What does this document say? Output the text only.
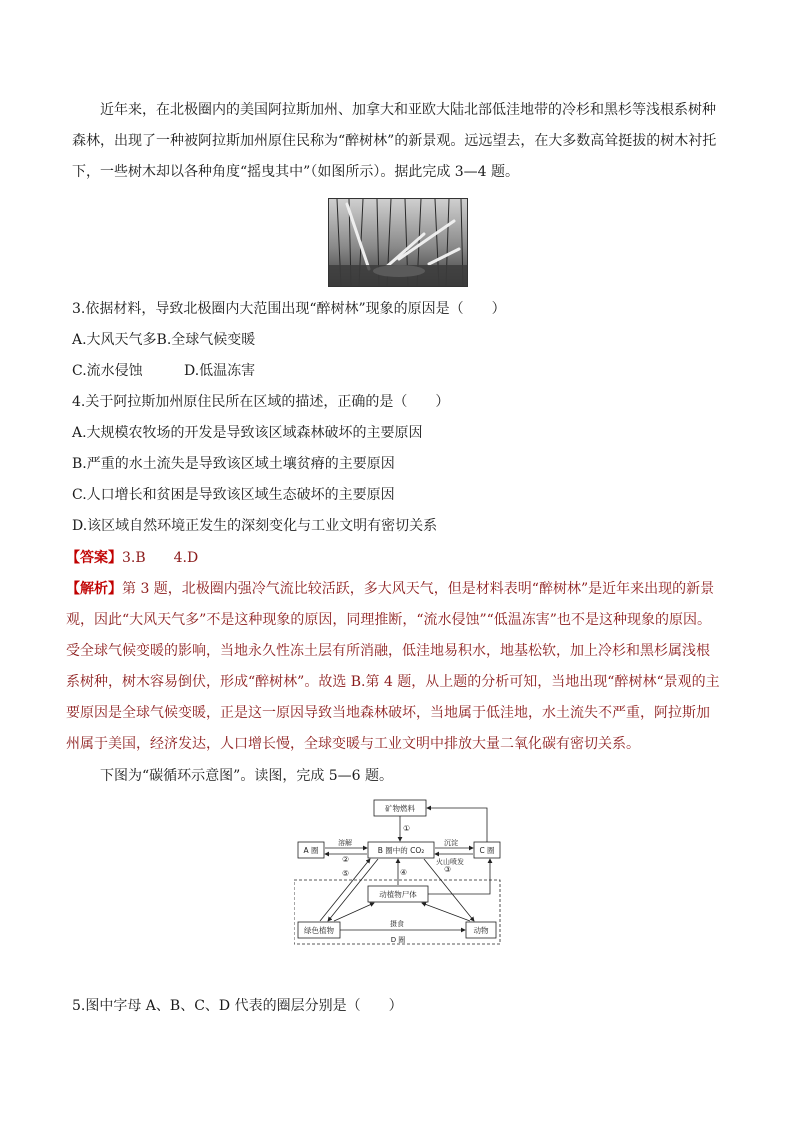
近年来，在北极圈内的美国阿拉斯加州、加拿大和亚欧大陆北部低洼地带的冷杉和黑杉等浅根系树种森林，出现了一种被阿拉斯加州原住民称为“醉树林”的新景观。远远望去，在大多数高耸挺拔的树木衬托下，一些树木却以各种角度“摇曳其中”（如图所示）。据此完成 3—4 题。

3.依据材料，导致北极圈内大范围出现“醉树林”现象的原因是（　　）
A.大风天气多B.全球气候变暖
C.流水侵蚀	D.低温冻害
4.关于阿拉斯加州原住民所在区域的描述，正确的是（　　）
A.大规模农牧场的开发是导致该区域森林破坏的主要原因
B.严重的水土流失是导致该区域土壤贫瘠的主要原因
C.人口增长和贫困是导致该区域生态破坏的主要原因
D.该区域自然环境正发生的深刻变化与工业文明有密切关系
【答案】3.B　　4.D

【解析】第 3 题，北极圈内强冷气流比较活跃，多大风天气，但是材料表明“醉树林”是近年来出现的新景观，因此“大风天气多”不是这种现象的原因，同理推断，“流水侵蚀”“低温冻害”也不是这种现象的原因。受全球气候变暖的影响，当地永久性冻土层有所消融，低洼地易积水，地基松软，加上冷杉和黑杉属浅根系树种，树木容易倒伏，形成“醉树林”。故选 B.第 4 题，从上题的分析可知，当地出现“醉树林“景观的主要原因是全球气候变暖，正是这一原因导致当地森林破坏，当地属于低洼地，水土流失不严重，阿拉斯加州属于美国，经济发达，人口增长慢，全球变暖与工业文明中排放大量二氧化碳有密切关系。

下图为“碳循环示意图”。读图，完成 5—6 题。
矿物燃料
A 圈	B 圈中的 CO₂	C 圈
动植物尸体
绿色植物	动物
D 圈
溶解	沉淀
火山喷发
摄食
①
②
③
④
⑤
5.图中字母 A、B、C、D 代表的圈层分别是（　　）
